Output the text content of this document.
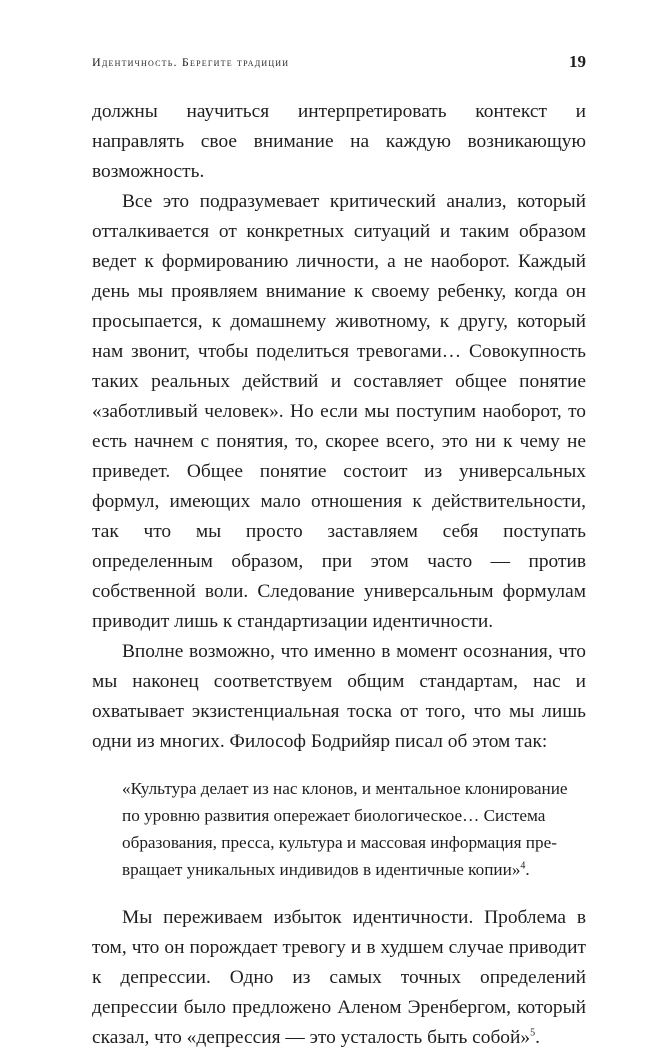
Идентичность. Берегите традиции	19

должны научиться интерпретировать контекст и направлять свое внимание на каждую возникающую возможность.

Все это подразумевает критический анализ, который отталкивается от конкретных ситуаций и таким образом ведет к формированию личности, а не наоборот. Каждый день мы проявляем внимание к своему ребенку, когда он просыпается, к домашнему животному, к другу, который нам звонит, чтобы поделиться тревогами… Совокупность таких реальных действий и составляет общее понятие «заботливый человек». Но если мы поступим наоборот, то есть начнем с понятия, то, скорее всего, это ни к чему не приведет. Общее понятие состоит из универсальных формул, имеющих мало отношения к действительности, так что мы просто заставляем себя поступать определенным образом, при этом часто — против собственной воли. Следование универсальным формулам приводит лишь к стандартизации идентичности.

Вполне возможно, что именно в момент осознания, что мы наконец соответствуем общим стандартам, нас и охватывает экзистенциальная тоска от того, что мы лишь одни из многих. Философ Бодрийяр писал об этом так:

«Культура делает из нас клонов, и ментальное клонирование
по уровню развития опережает биологическое… Система
образования, пресса, культура и массовая информация пре-
вращает уникальных индивидов в идентичные копии»$^4$.

Мы переживаем избыток идентичности. Проблема в том, что он порождает тревогу и в худшем случае приводит к депрессии. Одно из самых точных определений депрессии было предложено Аленом Эренбергом, который сказал, что «депрессия — это усталость быть собой»$^5$.
